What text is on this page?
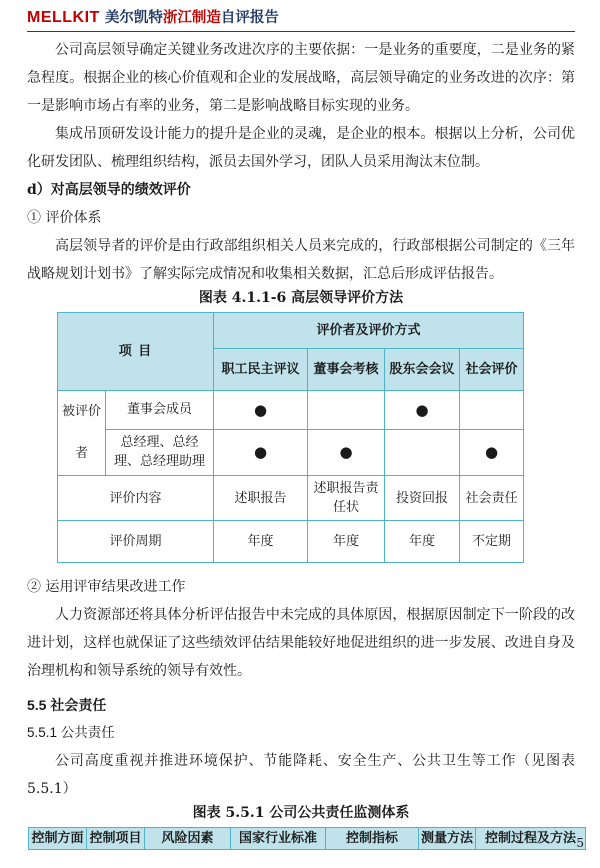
MELLKIT 美尔凯特 浙江制造 自评报告

公司高层领导确定关键业务改进次序的主要依据：一是业务的重要度，二是业务的紧急程度。根据企业的核心价值观和企业的发展战略，高层领导确定的业务改进的次序：第一是影响市场占有率的业务，第二是影响战略目标实现的业务。

集成吊顶研发设计能力的提升是企业的灵魂，是企业的根本。根据以上分析，公司优化研发团队、梳理组织结构，派员去国外学习，团队人员采用淘汰末位制。

d）对高层领导的绩效评价

① 评价体系

高层领导者的评价是由行政部组织相关人员来完成的，行政部根据公司制定的《三年战略规划计划书》了解实际完成情况和收集相关数据，汇总后形成评估报告。

图表 4.1.1-6 高层领导评价方法

项 目		评价者及评价方式			
		职工民主评议	董事会考核	股东会会议	社会评价
被评价者	董事会成员	●		●	
	总经理、总经理、总经理助理	●	●		●
评价内容		述职报告	述职报告责任状	投资回报	社会责任
评价周期		年度	年度	年度	不定期

② 运用评审结果改进工作

人力资源部还将具体分析评估报告中未完成的具体原因，根据原因制定下一阶段的改进计划，这样也就保证了这些绩效评估结果能较好地促进组织的进一步发展、改进自身及治理机构和领导系统的领导有效性。

5.5 社会责任

5.5.1 公共责任

公司高度重视并推进环境保护、节能降耗、安全生产、公共卫生等工作（见图表 5.5.1）

图表 5.5.1 公司公共责任监测体系

控制方面	控制项目	风险因素	国家行业标准	控制指标	测量方法	控制过程及方法 5
